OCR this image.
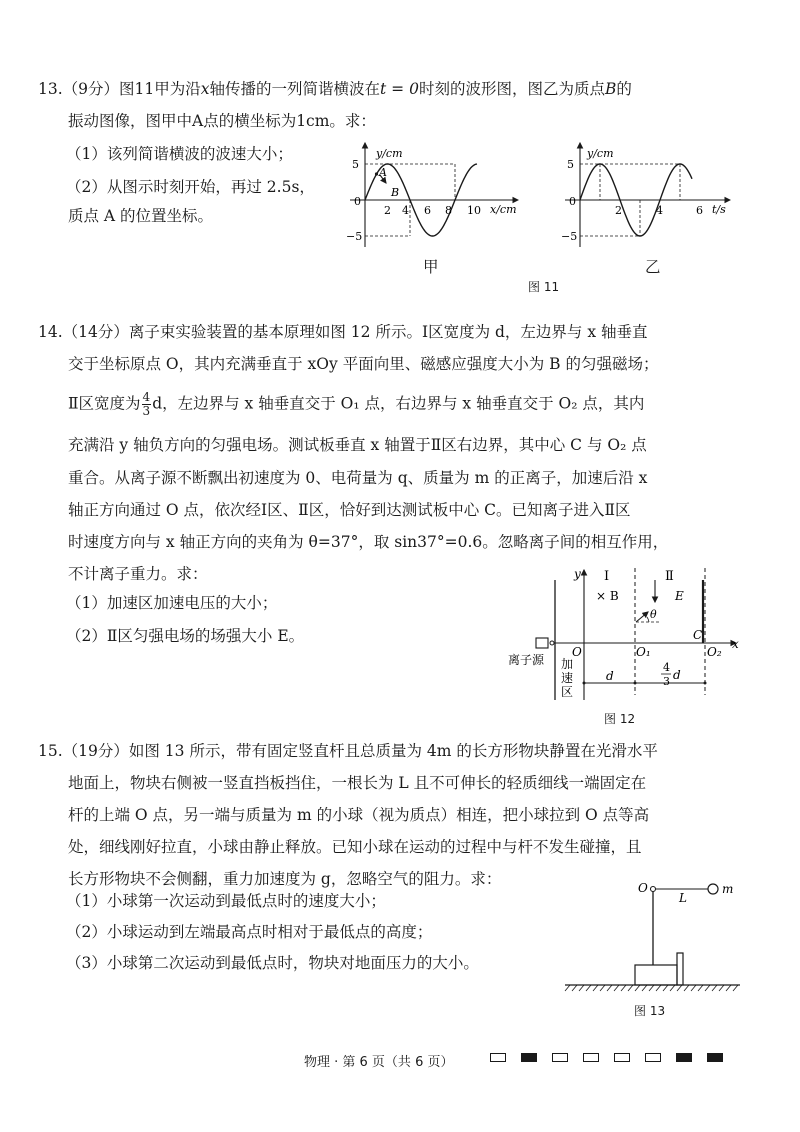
13.（9分）图11甲为沿x轴传播的一列简谐横波在t = 0时刻的波形图，图乙为质点B的
振动图像，图甲中A点的横坐标为1cm。求：
（1）该列简谐横波的波速大小；
（2）从图示时刻开始，再过 2.5s，
质点 A 的位置坐标。
y/cm
x/cm
5
−5
0
2 4 6 8 10
A
B
甲
y/cm
t/s
5
−5
0
2	4	6
乙
图 11
14.（14分）离子束实验装置的基本原理如图 12 所示。Ⅰ区宽度为 d，左边界与 x 轴垂直
交于坐标原点 O，其内充满垂直于 xOy 平面向里、磁感应强度大小为 B 的匀强磁场；
Ⅱ区宽度为 $\frac{4}{3}$ d，左边界与 x 轴垂直交于 O₁ 点，右边界与 x 轴垂直交于 O₂ 点，其内
充满沿 y 轴负方向的匀强电场。测试板垂直 x 轴置于Ⅱ区右边界，其中心 C 与 O₂ 点
重合。从离子源不断飘出初速度为 0、电荷量为 q、质量为 m 的正离子，加速后沿 x
轴正方向通过 O 点，依次经Ⅰ区、Ⅱ区，恰好到达测试板中心 C。已知离子进入Ⅱ区
时速度方向与 x 轴正方向的夹角为 θ=37°，取 sin37°=0.6。忽略离子间的相互作用，
不计离子重力。求：
（1）加速区加速电压的大小；
（2）Ⅱ区匀强电场的场强大小 E。
y Ⅰ
× B
Ⅱ
E
θ
C
x
O	O₁	O₂
离子源 加
速
区
d
4
3 d
图 12
15.（19分）如图 13 所示，带有固定竖直杆且总质量为 4m 的长方形物块静置在光滑水平
地面上，物块右侧被一竖直挡板挡住，一根长为 L 且不可伸长的轻质细线一端固定在
杆的上端 O 点，另一端与质量为 m 的小球（视为质点）相连，把小球拉到 O 点等高
处，细线刚好拉直，小球由静止释放。已知小球在运动的过程中与杆不发生碰撞，且
长方形物块不会侧翻，重力加速度为 g，忽略空气的阻力。求：
（1）小球第一次运动到最低点时的速度大小；
（2）小球运动到左端最高点时相对于最低点的高度；
（3）小球第二次运动到最低点时，物块对地面压力的大小。
O
L
m
图 13
物理 · 第 6 页（共 6 页）
